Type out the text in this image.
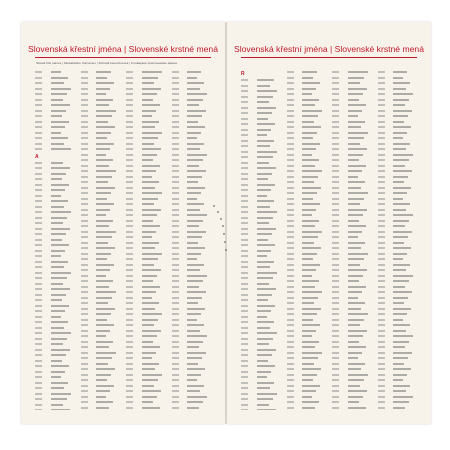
Slovenská křestní jména | Slovenské krstné mená
Slovak first names | Slowakische Vornamen | Szlovák keresztnevek | Словацкие христианские имена
A
Slovenská křestní jména | Slovenské krstné mená
R
